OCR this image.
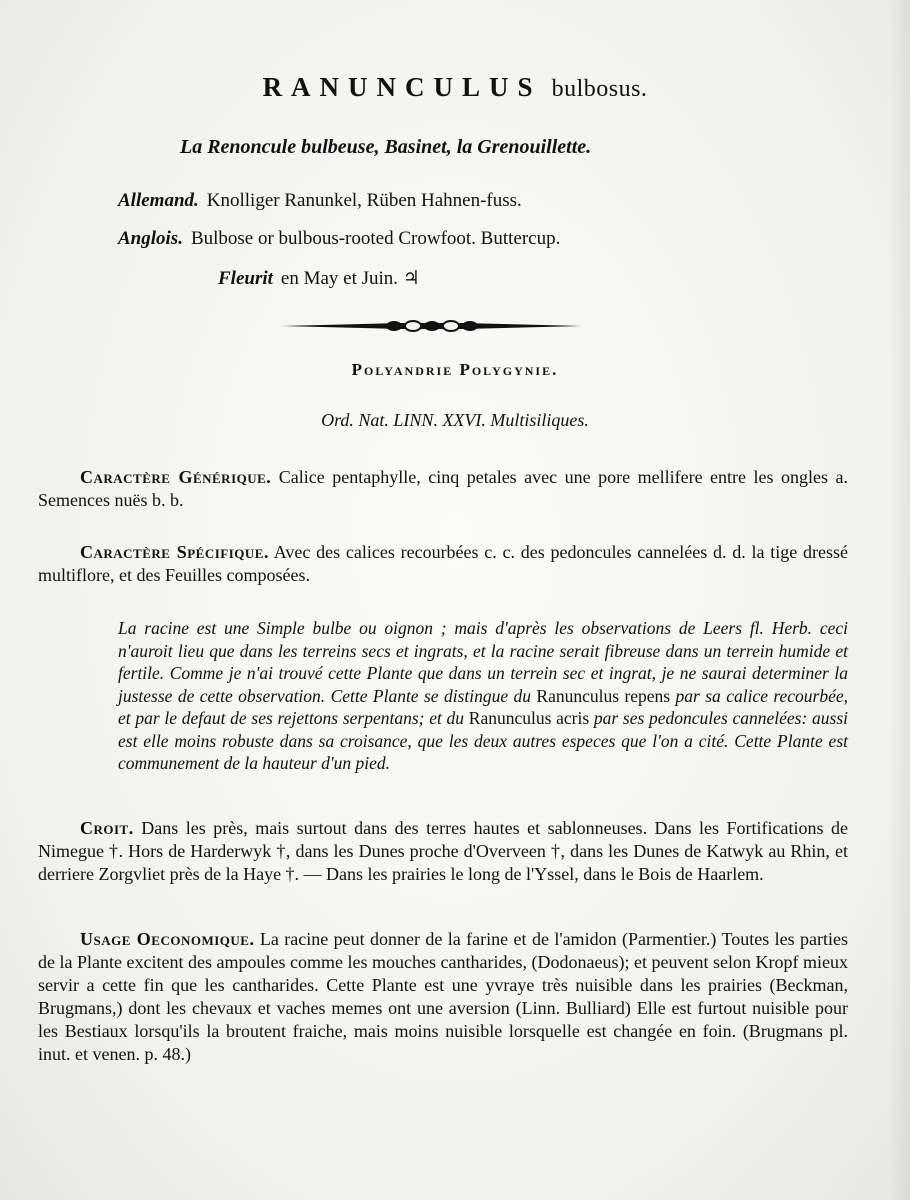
RANUNCULUS bulbosus.
La Renoncule bulbeuse, Basinet, la Grenouillette.
Allemand. Knolliger Ranunkel, Rüben Hahnen-fuss.
Anglois. Bulbose or bulbous-rooted Crowfoot. Buttercup.
Fleurit en May et Juin. ♃
Polyandrie Polygynie.
Ord. Nat. LINN. XXVI. Multisiliques.
Caractère Générique. Calice pentaphylle, cinq petales avec une pore mellifere entre les ongles a. Semences nuës b. b.
Caractère Spécifique. Avec des calices recourbées c. c. des pedoncules cannelées d. d. la tige dressé multiflore, et des Feuilles composées.
La racine est une Simple bulbe ou oignon ; mais d'après les observations de Leers fl. Herb. ceci n'auroit lieu que dans les terreins secs et ingrats, et la racine serait fibreuse dans un terrein humide et fertile. Comme je n'ai trouvé cette Plante que dans un terrein sec et ingrat, je ne saurai determiner la justesse de cette observation. Cette Plante se distingue du Ranunculus repens par sa calice recourbée, et par le defaut de ses rejettons serpentans; et du Ranunculus acris par ses pedoncules cannelées: aussi est elle moins robuste dans sa croisance, que les deux autres especes que l'on a cité. Cette Plante est communement de la hauteur d'un pied.
Croit. Dans les près, mais surtout dans des terres hautes et sablonneuses. Dans les Fortifications de Nimegue †. Hors de Harderwyk †, dans les Dunes proche d'Overveen †, dans les Dunes de Katwyk au Rhin, et derriere Zorgvliet près de la Haye †. — Dans les prairies le long de l'Yssel, dans le Bois de Haarlem.
Usage Oeconomique. La racine peut donner de la farine et de l'amidon (Parmentier.) Toutes les parties de la Plante excitent des ampoules comme les mouches cantharides, (Dodonaeus); et peuvent selon Kropf mieux servir a cette fin que les cantharides. Cette Plante est une yvraye très nuisible dans les prairies (Beckman, Brugmans,) dont les chevaux et vaches memes ont une aversion (Linn. Bulliard) Elle est furtout nuisible pour les Bestiaux lorsqu'ils la broutent fraiche, mais moins nuisible lorsquelle est changée en foin. (Brugmans pl. inut. et venen. p. 48.)
